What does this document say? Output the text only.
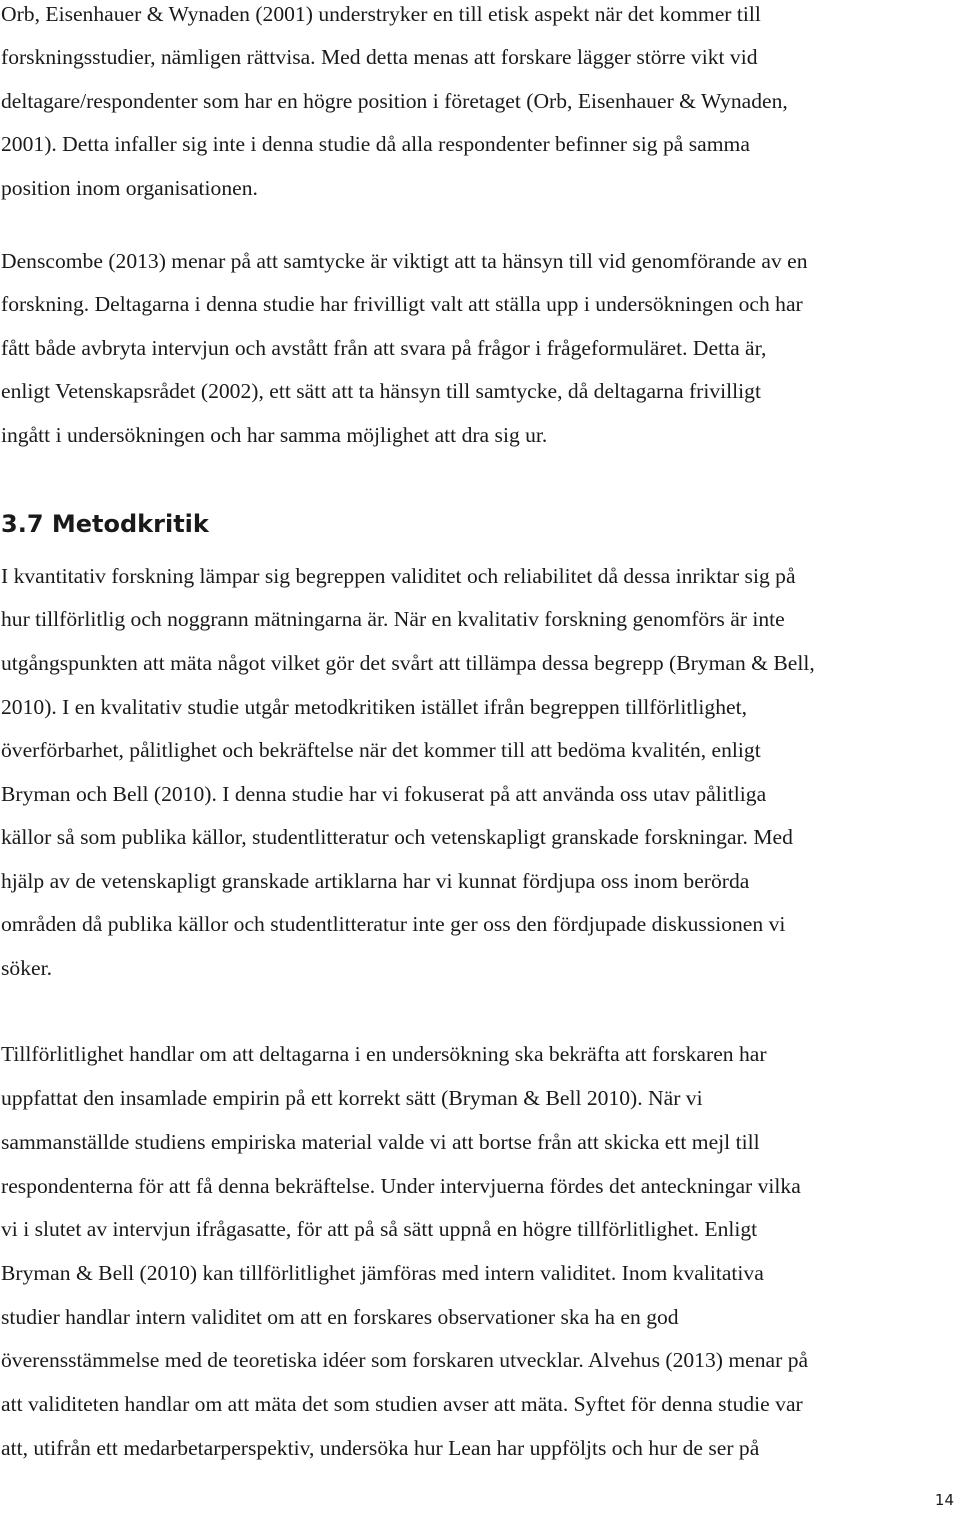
Orb, Eisenhauer & Wynaden (2001) understryker en till etisk aspekt när det kommer till

forskningsstudier, nämligen rättvisa. Med detta menas att forskare lägger större vikt vid

deltagare/respondenter som har en högre position i företaget (Orb, Eisenhauer & Wynaden,

2001). Detta infaller sig inte i denna studie då alla respondenter befinner sig på samma

position inom organisationen.

Denscombe (2013) menar på att samtycke är viktigt att ta hänsyn till vid genomförande av en

forskning. Deltagarna i denna studie har frivilligt valt att ställa upp i undersökningen och har

fått både avbryta intervjun och avstått från att svara på frågor i frågeformuläret. Detta är,

enligt Vetenskapsrådet (2002), ett sätt att ta hänsyn till samtycke, då deltagarna frivilligt

ingått i undersökningen och har samma möjlighet att dra sig ur.

3.7 Metodkritik

I kvantitativ forskning lämpar sig begreppen validitet och reliabilitet då dessa inriktar sig på

hur tillförlitlig och noggrann mätningarna är. När en kvalitativ forskning genomförs är inte

utgångspunkten att mäta något vilket gör det svårt att tillämpa dessa begrepp (Bryman & Bell,

2010). I en kvalitativ studie utgår metodkritiken istället ifrån begreppen tillförlitlighet,

överförbarhet, pålitlighet och bekräftelse när det kommer till att bedöma kvalitén, enligt

Bryman och Bell (2010). I denna studie har vi fokuserat på att använda oss utav pålitliga

källor så som publika källor, studentlitteratur och vetenskapligt granskade forskningar. Med

hjälp av de vetenskapligt granskade artiklarna har vi kunnat fördjupa oss inom berörda

områden då publika källor och studentlitteratur inte ger oss den fördjupade diskussionen vi

söker.

Tillförlitlighet handlar om att deltagarna i en undersökning ska bekräfta att forskaren har

uppfattat den insamlade empirin på ett korrekt sätt (Bryman & Bell 2010). När vi

sammanställde studiens empiriska material valde vi att bortse från att skicka ett mejl till

respondenterna för att få denna bekräftelse. Under intervjuerna fördes det anteckningar vilka

vi i slutet av intervjun ifrågasatte, för att på så sätt uppnå en högre tillförlitlighet. Enligt

Bryman & Bell (2010) kan tillförlitlighet jämföras med intern validitet. Inom kvalitativa

studier handlar intern validitet om att en forskares observationer ska ha en god

överensstämmelse med de teoretiska idéer som forskaren utvecklar. Alvehus (2013) menar på

att validiteten handlar om att mäta det som studien avser att mäta. Syftet för denna studie var

att, utifrån ett medarbetarperspektiv, undersöka hur Lean har uppföljts och hur de ser på

14
